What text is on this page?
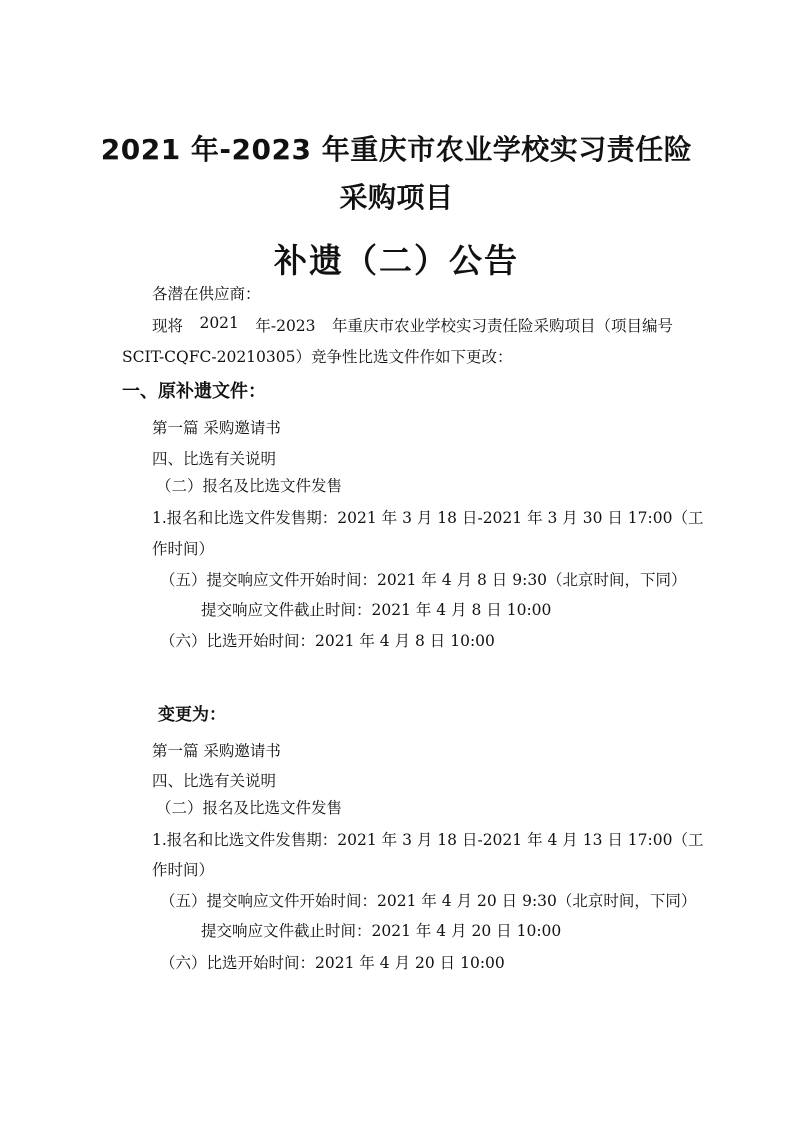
2021 年-2023 年重庆市农业学校实习责任险
采购项目
补遗（二）公告
各潜在供应商：
现将 2021 年-2023 年重庆市农业学校实习责任险采购项目（项目编号
SCIT-CQFC-20210305）竞争性比选文件作如下更改：
一、原补遗文件：
第一篇 采购邀请书
四、比选有关说明
（二）报名及比选文件发售
1.报名和比选文件发售期：2021 年 3 月 18 日-2021 年 3 月 30 日 17:00（工
作时间）
（五）提交响应文件开始时间：2021 年 4 月 8 日 9:30（北京时间，下同）
提交响应文件截止时间：2021 年 4 月 8 日 10:00
（六）比选开始时间：2021 年 4 月 8 日 10:00
变更为：
第一篇 采购邀请书
四、比选有关说明
（二）报名及比选文件发售
1.报名和比选文件发售期：2021 年 3 月 18 日-2021 年 4 月 13 日 17:00（工
作时间）
（五）提交响应文件开始时间：2021 年 4 月 20 日 9:30（北京时间，下同）
提交响应文件截止时间：2021 年 4 月 20 日 10:00
（六）比选开始时间：2021 年 4 月 20 日 10:00
